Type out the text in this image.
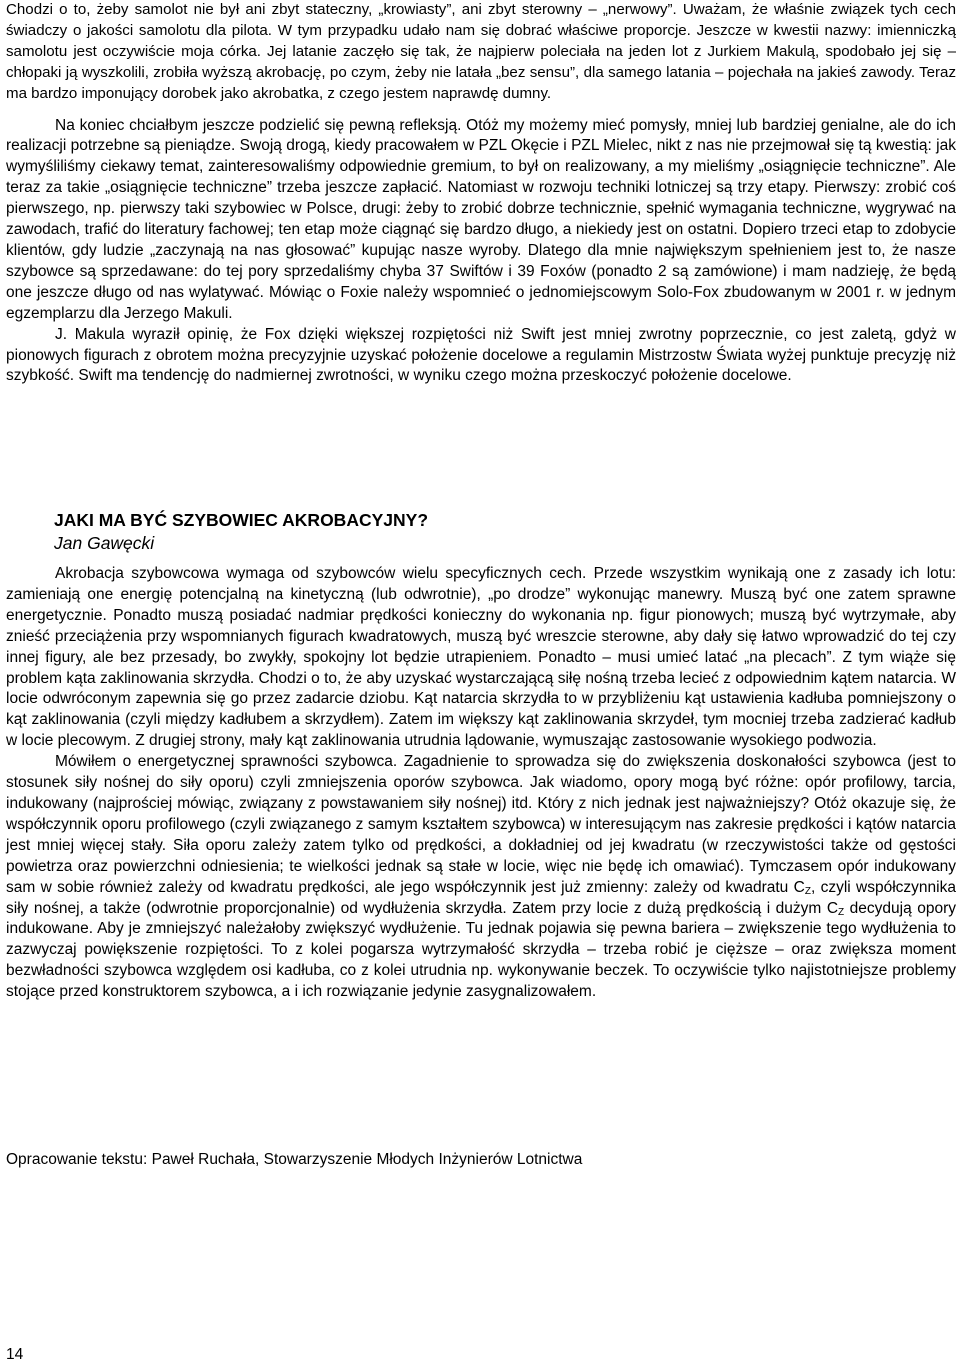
Chodzi o to, żeby samolot nie był ani zbyt stateczny, „krowiasty”, ani zbyt sterowny – „nerwowy”. Uważam, że właśnie związek tych cech świadczy o jakości samolotu dla pilota. W tym przypadku udało nam się dobrać właściwe proporcje. Jeszcze w kwestii nazwy: imienniczką samolotu jest oczywiście moja córka. Jej latanie zaczęło się tak, że najpierw poleciała na jeden lot z Jurkiem Makulą, spodobało jej się – chłopaki ją wyszkolili, zrobiła wyższą akrobację, po czym, żeby nie latała „bez sensu”, dla samego latania – pojechała na jakieś zawody. Teraz ma bardzo imponujący dorobek jako akrobatka, z czego jestem naprawdę dumny.

Na koniec chciałbym jeszcze podzielić się pewną refleksją. Otóż my możemy mieć pomysły, mniej lub bardziej genialne, ale do ich realizacji potrzebne są pieniądze. Swoją drogą, kiedy pracowałem w PZL Okęcie i PZL Mielec, nikt z nas nie przejmował się tą kwestią: jak wymyśliliśmy ciekawy temat, zainteresowaliśmy odpowiednie gremium, to był on realizowany, a my mieliśmy „osiągnięcie techniczne”. Ale teraz za takie „osiągnięcie techniczne” trzeba jeszcze zapłacić. Natomiast w rozwoju techniki lotniczej są trzy etapy. Pierwszy: zrobić coś pierwszego, np. pierwszy taki szybowiec w Polsce, drugi: żeby to zrobić dobrze technicznie, spełnić wymagania techniczne, wygrywać na zawodach, trafić do literatury fachowej; ten etap może ciągnąć się bardzo długo, a niekiedy jest on ostatni. Dopiero trzeci etap to zdobycie klientów, gdy ludzie „zaczynają na nas głosować” kupując nasze wyroby. Dlatego dla mnie największym spełnieniem jest to, że nasze szybowce są sprzedawane: do tej pory sprzedaliśmy chyba 37 Swiftów i 39 Foxów (ponadto 2 są zamówione) i mam nadzieję, że będą one jeszcze długo od nas wylatywać. Mówiąc o Foxie należy wspomnieć o jednomiejscowym Solo-Fox zbudowanym w 2001 r. w jednym egzemplarzu dla Jerzego Makuli.

J. Makula wyraził opinię, że Fox dzięki większej rozpiętości niż Swift jest mniej zwrotny poprzecznie, co jest zaletą, gdyż w pionowych figurach z obrotem można precyzyjnie uzyskać położenie docelowe a regulamin Mistrzostw Świata wyżej punktuje precyzję niż szybkość. Swift ma tendencję do nadmiernej zwrotności, w wyniku czego można przeskoczyć położenie docelowe.

JAKI MA BYĆ SZYBOWIEC AKROBACYJNY?
Jan Gawęcki

Akrobacja szybowcowa wymaga od szybowców wielu specyficznych cech. Przede wszystkim wynikają one z zasady ich lotu: zamieniają one energię potencjalną na kinetyczną (lub odwrotnie), „po drodze” wykonując manewry. Muszą być one zatem sprawne energetycznie. Ponadto muszą posiadać nadmiar prędkości konieczny do wykonania np. figur pionowych; muszą być wytrzymałe, aby znieść przeciążenia przy wspomnianych figurach kwadratowych, muszą być wreszcie sterowne, aby dały się łatwo wprowadzić do tej czy innej figury, ale bez przesady, bo zwykły, spokojny lot będzie utrapieniem. Ponadto – musi umieć latać „na plecach”. Z tym wiąże się problem kąta zaklinowania skrzydła. Chodzi o to, że aby uzyskać wystarczającą siłę nośną trzeba lecieć z odpowiednim kątem natarcia. W locie odwróconym zapewnia się go przez zadarcie dziobu. Kąt natarcia skrzydła to w przybliżeniu kąt ustawienia kadłuba pomniejszony o kąt zaklinowania (czyli między kadłubem a skrzydłem). Zatem im większy kąt zaklinowania skrzydeł, tym mocniej trzeba zadzierać kadłub w locie plecowym. Z drugiej strony, mały kąt zaklinowania utrudnia lądowanie, wymuszając zastosowanie wysokiego podwozia.

Mówiłem o energetycznej sprawności szybowca. Zagadnienie to sprowadza się do zwiększenia doskonałości szybowca (jest to stosunek siły nośnej do siły oporu) czyli zmniejszenia oporów szybowca. Jak wiadomo, opory mogą być różne: opór profilowy, tarcia, indukowany (najprościej mówiąc, związany z powstawaniem siły nośnej) itd. Który z nich jednak jest najważniejszy? Otóż okazuje się, że współczynnik oporu profilowego (czyli związanego z samym kształtem szybowca) w interesującym nas zakresie prędkości i kątów natarcia jest mniej więcej stały. Siła oporu zależy zatem tylko od prędkości, a dokładniej od jej kwadratu (w rzeczywistości także od gęstości powietrza oraz powierzchni odniesienia; te wielkości jednak są stałe w locie, więc nie będę ich omawiać). Tymczasem opór indukowany sam w sobie również zależy od kwadratu prędkości, ale jego współczynnik jest już zmienny: zależy od kwadratu $C_Z$, czyli współczynnika siły nośnej, a także (odwrotnie proporcjonalnie) od wydłużenia skrzydła. Zatem przy locie z dużą prędkością i dużym $C_Z$ decydują opory indukowane. Aby je zmniejszyć należałoby zwiększyć wydłużenie. Tu jednak pojawia się pewna bariera – zwiększenie tego wydłużenia to zazwyczaj powiększenie rozpiętości. To z kolei pogarsza wytrzymałość skrzydła – trzeba robić je cięższe – oraz zwiększa moment bezwładności szybowca względem osi kadłuba, co z kolei utrudnia np. wykonywanie beczek. To oczywiście tylko najistotniejsze problemy stojące przed konstruktorem szybowca, a i ich rozwiązanie jedynie zasygnalizowałem.

Opracowanie tekstu: Paweł Ruchała, Stowarzyszenie Młodych Inżynierów Lotnictwa
14
